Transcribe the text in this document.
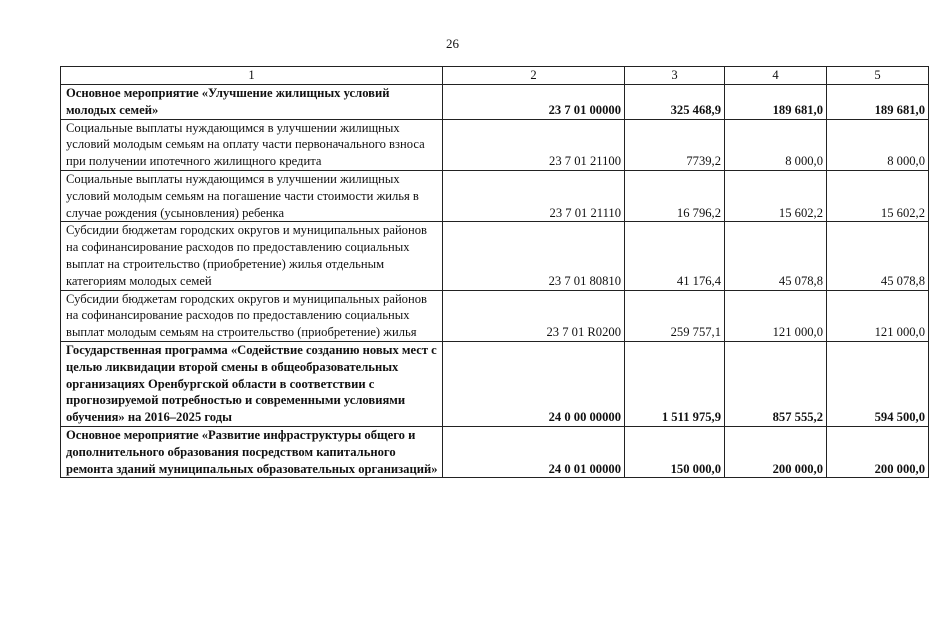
26
1	2	3	4	5
Основное мероприятие «Улучшение жилищных условий молодых семей»	23 7 01 00000	325 468,9	189 681,0	189 681,0
Социальные выплаты нуждающимся в улучшении жилищных условий молодым семьям на оплату части первоначального взноса при получении ипотечного жилищного кредита	23 7 01 21100	7739,2	8 000,0	8 000,0
Социальные выплаты нуждающимся в улучшении жилищных условий молодым семьям на погашение части стоимости жилья в случае рождения (усыновления) ребенка	23 7 01 21110	16 796,2	15 602,2	15 602,2
Субсидии бюджетам городских округов и муниципальных районов на софинансирование расходов по предоставлению социальных выплат на строительство (приобретение) жилья отдельным категориям молодых семей	23 7 01 80810	41 176,4	45 078,8	45 078,8
Субсидии бюджетам городских округов и муниципальных районов на софинансирование расходов по предоставлению социальных выплат молодым семьям на строительство (приобретение) жилья	23 7 01 R0200	259 757,1	121 000,0	121 000,0
Государственная программа «Содействие созданию новых мест с целью ликвидации второй смены в общеобразовательных организациях Оренбургской области в соответствии с прогнозируемой потребностью и современными условиями обучения» на 2016–2025 годы	24 0 00 00000	1 511 975,9	857 555,2	594 500,0
Основное мероприятие «Развитие инфраструктуры общего и дополнительного образования посредством капитального ремонта зданий муниципальных образовательных организаций»	24 0 01 00000	150 000,0	200 000,0	200 000,0
